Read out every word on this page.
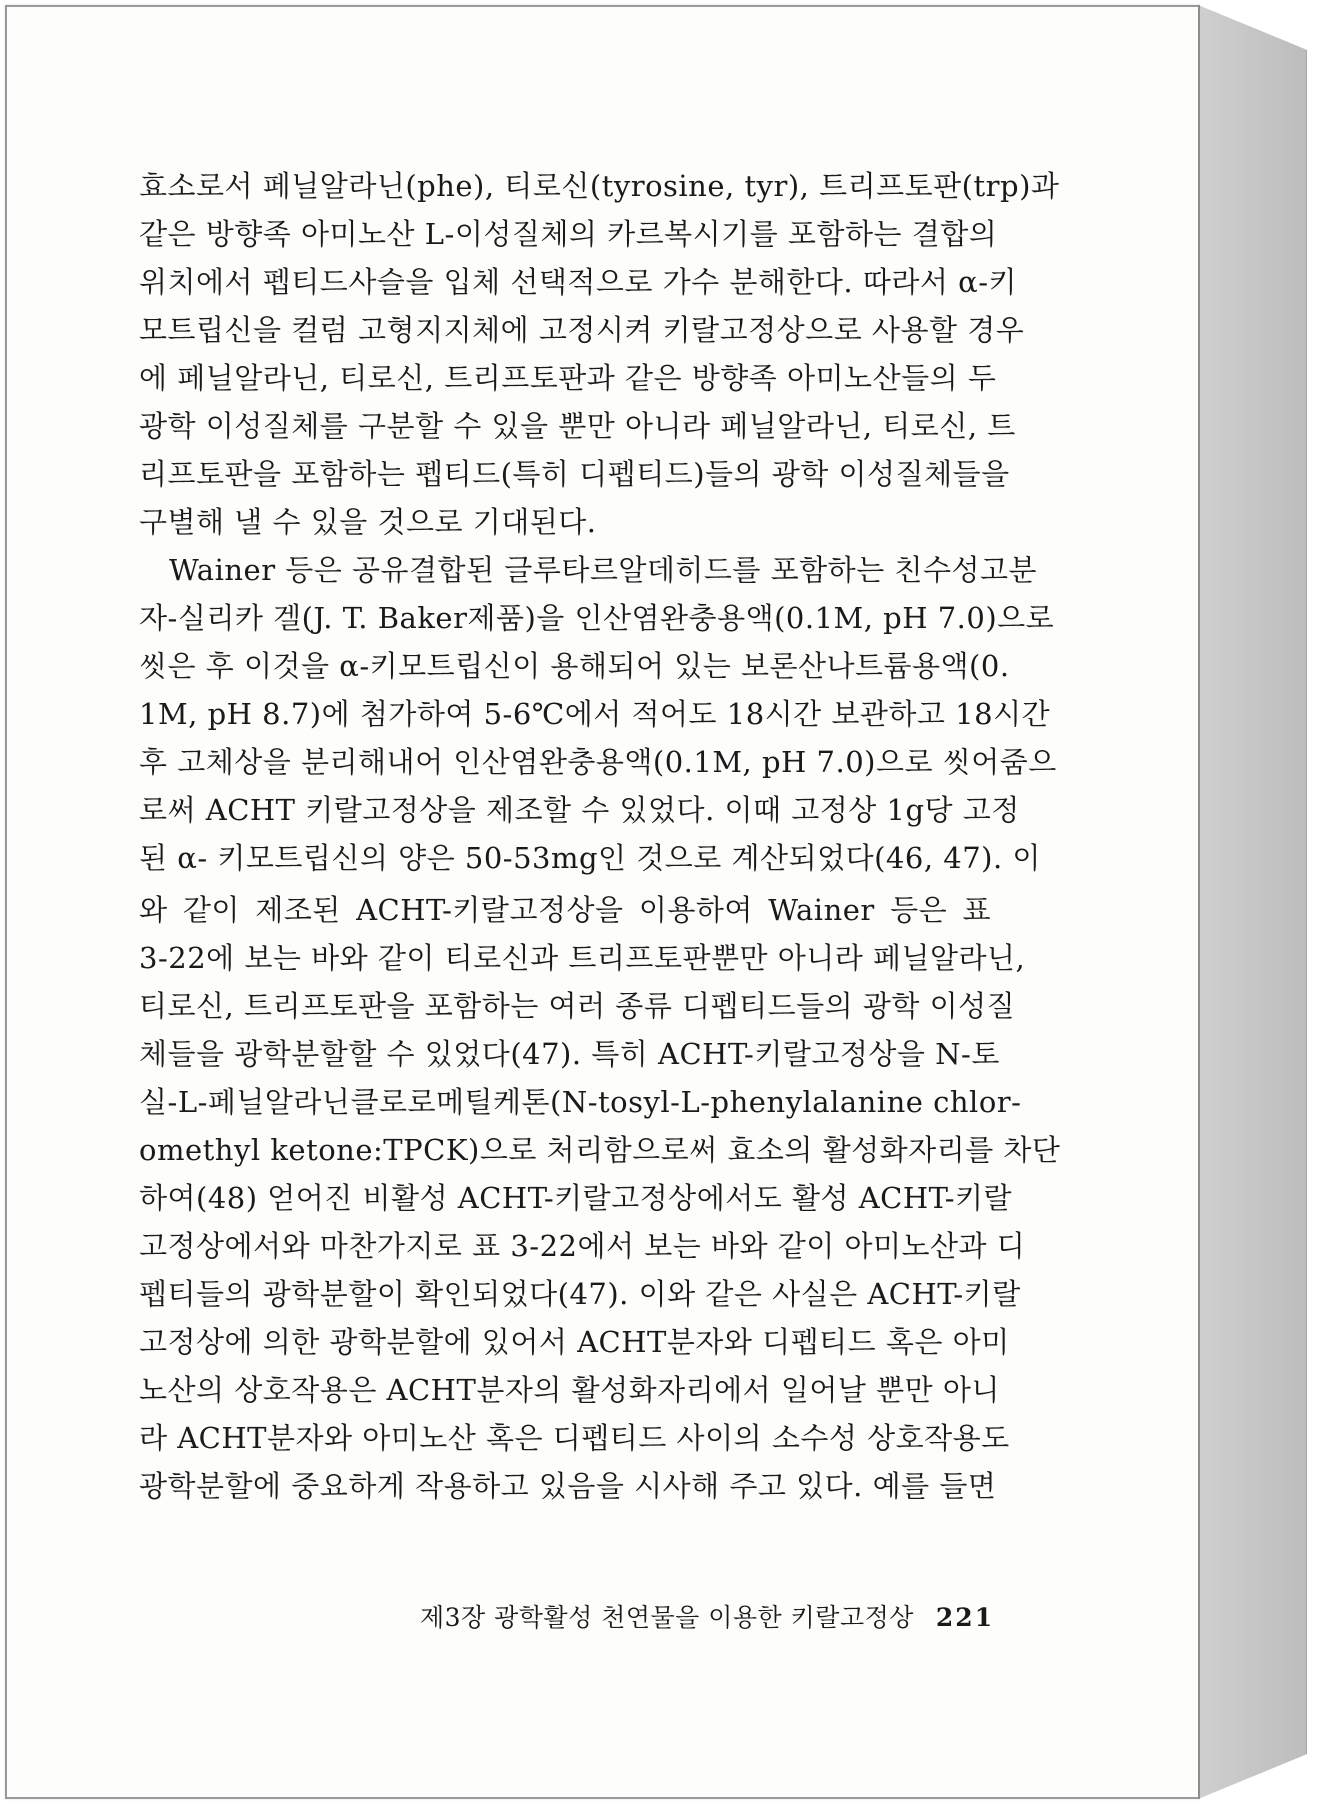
효소로서 페닐알라닌(phe), 티로신(tyrosine, tyr), 트리프토판(trp)과
같은 방향족 아미노산 L-이성질체의 카르복시기를 포함하는 결합의
위치에서 펩티드사슬을 입체 선택적으로 가수 분해한다. 따라서 α-키
모트립신을 컬럼 고형지지체에 고정시켜 키랄고정상으로 사용할 경우
에 페닐알라닌, 티로신, 트리프토판과 같은 방향족 아미노산들의 두
광학 이성질체를 구분할 수 있을 뿐만 아니라 페닐알라닌, 티로신, 트
리프토판을 포함하는 펩티드(특히 디펩티드)들의 광학 이성질체들을
구별해 낼 수 있을 것으로 기대된다.
Wainer 등은 공유결합된 글루타르알데히드를 포함하는 친수성고분
자-실리카 겔(J. T. Baker제품)을 인산염완충용액(0.1M, pH 7.0)으로
씻은 후 이것을 α-키모트립신이 용해되어 있는 보론산나트륨용액(0.
1M, pH 8.7)에 첨가하여 5-6℃에서 적어도 18시간 보관하고 18시간
후 고체상을 분리해내어 인산염완충용액(0.1M, pH 7.0)으로 씻어줌으
로써 ACHT 키랄고정상을 제조할 수 있었다. 이때 고정상 1g당 고정
된 α- 키모트립신의 양은 50-53mg인 것으로 계산되었다(46, 47). 이
와 같이 제조된 ACHT-키랄고정상을 이용하여 Wainer 등은 표
3-22에 보는 바와 같이 티로신과 트리프토판뿐만 아니라 페닐알라닌,
티로신, 트리프토판을 포함하는 여러 종류 디펩티드들의 광학 이성질
체들을 광학분할할 수 있었다(47). 특히 ACHT-키랄고정상을 N-토
실-L-페닐알라닌클로로메틸케톤(N-tosyl-L-phenylalanine chlor-
omethyl ketone:TPCK)으로 처리함으로써 효소의 활성화자리를 차단
하여(48) 얻어진 비활성 ACHT-키랄고정상에서도 활성 ACHT-키랄
고정상에서와 마찬가지로 표 3-22에서 보는 바와 같이 아미노산과 디
펩티들의 광학분할이 확인되었다(47). 이와 같은 사실은 ACHT-키랄
고정상에 의한 광학분할에 있어서 ACHT분자와 디펩티드 혹은 아미
노산의 상호작용은 ACHT분자의 활성화자리에서 일어날 뿐만 아니
라 ACHT분자와 아미노산 혹은 디펩티드 사이의 소수성 상호작용도
광학분할에 중요하게 작용하고 있음을 시사해 주고 있다. 예를 들면
제3장 광학활성 천연물을 이용한 키랄고정상 221
